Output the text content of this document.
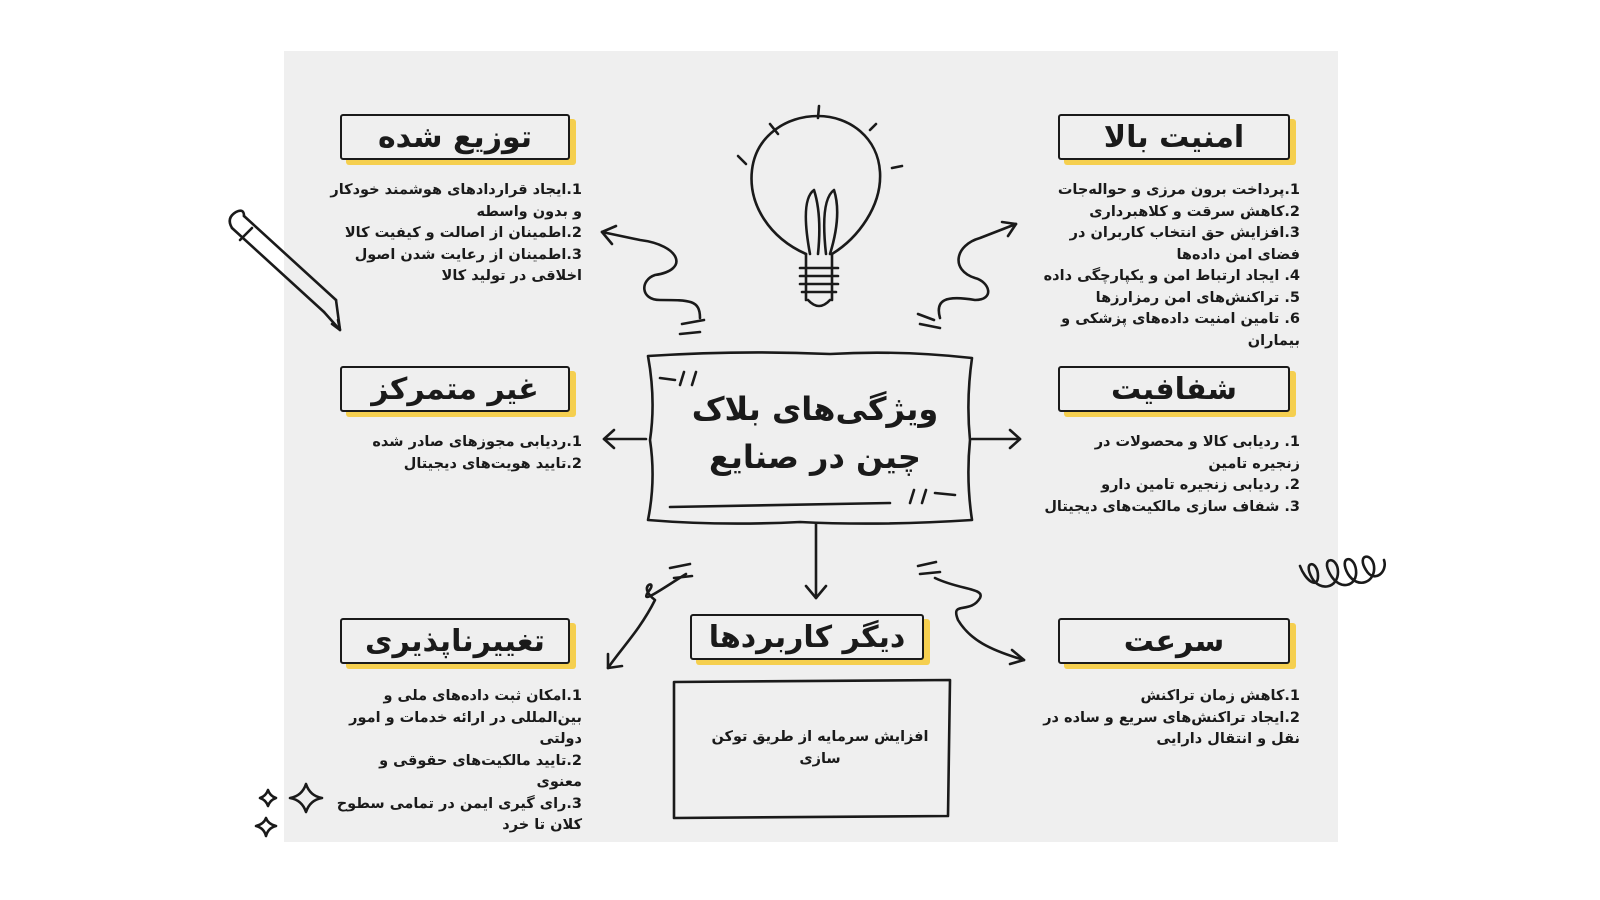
ویژگی‌های بلاک چین در صنایع
توزیع شده
1.ایجاد قراردادهای هوشمند خودکار و بدون واسطه
2.اطمینان از اصالت و کیفیت کالا
3.اطمینان از رعایت شدن اصول اخلاقی در تولید کالا
امنیت بالا
1.پرداخت برون مرزی و حواله‌جات
2.کاهش سرقت و کلاهبرداری
3.افزایش حق انتخاب کاربران در فضای امن داده‌ها
4. ایجاد ارتباط امن و یکپارچگی داده
5. تراکنش‌های امن رمزارزها
6. تامین امنیت داده‌های پزشکی و بیماران
غیر متمرکز
1.ردیابی مجوزهای صادر شده
2.تایید هویت‌های دیجیتال
شفافیت
1. ردیابی کالا و محصولات در زنجیره تامین
2. ردیابی زنجیره تامین دارو
3. شفاف سازی مالکیت‌های دیجیتال
تغییرناپذیری
1.امکان ثبت داده‌های ملی و بین‌المللی در ارائه خدمات و امور دولتی
2.تایید مالکیت‌های حقوقی و معنوی
3.رای گیری ایمن در تمامی سطوح کلان تا خرد
دیگر کاربردها
افزایش سرمایه از طریق توکن سازی
سرعت
1.کاهش زمان تراکنش
2.ایجاد تراکنش‌های سریع و ساده در نقل و انتقال دارایی
